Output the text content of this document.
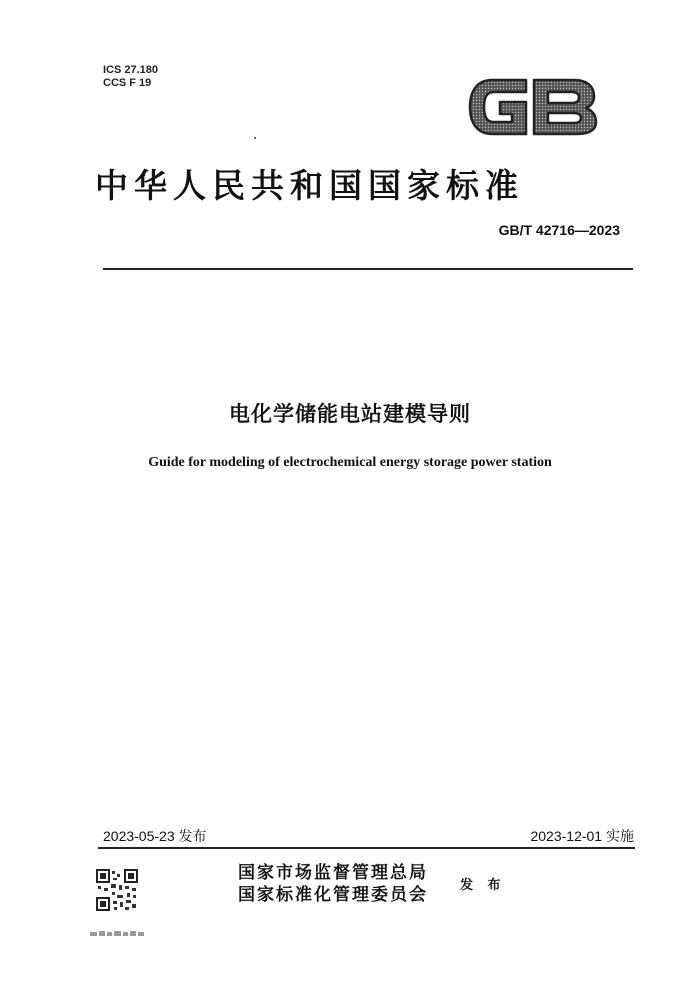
ICS 27.180
CCS F 19
中华人民共和国国家标准
GB/T 42716—2023
电化学储能电站建模导则
Guide for modeling of electrochemical energy storage power station
2023-05-23 发布	2023-12-01 实施
国家市场监督管理总局
国家标准化管理委员会 发 布
